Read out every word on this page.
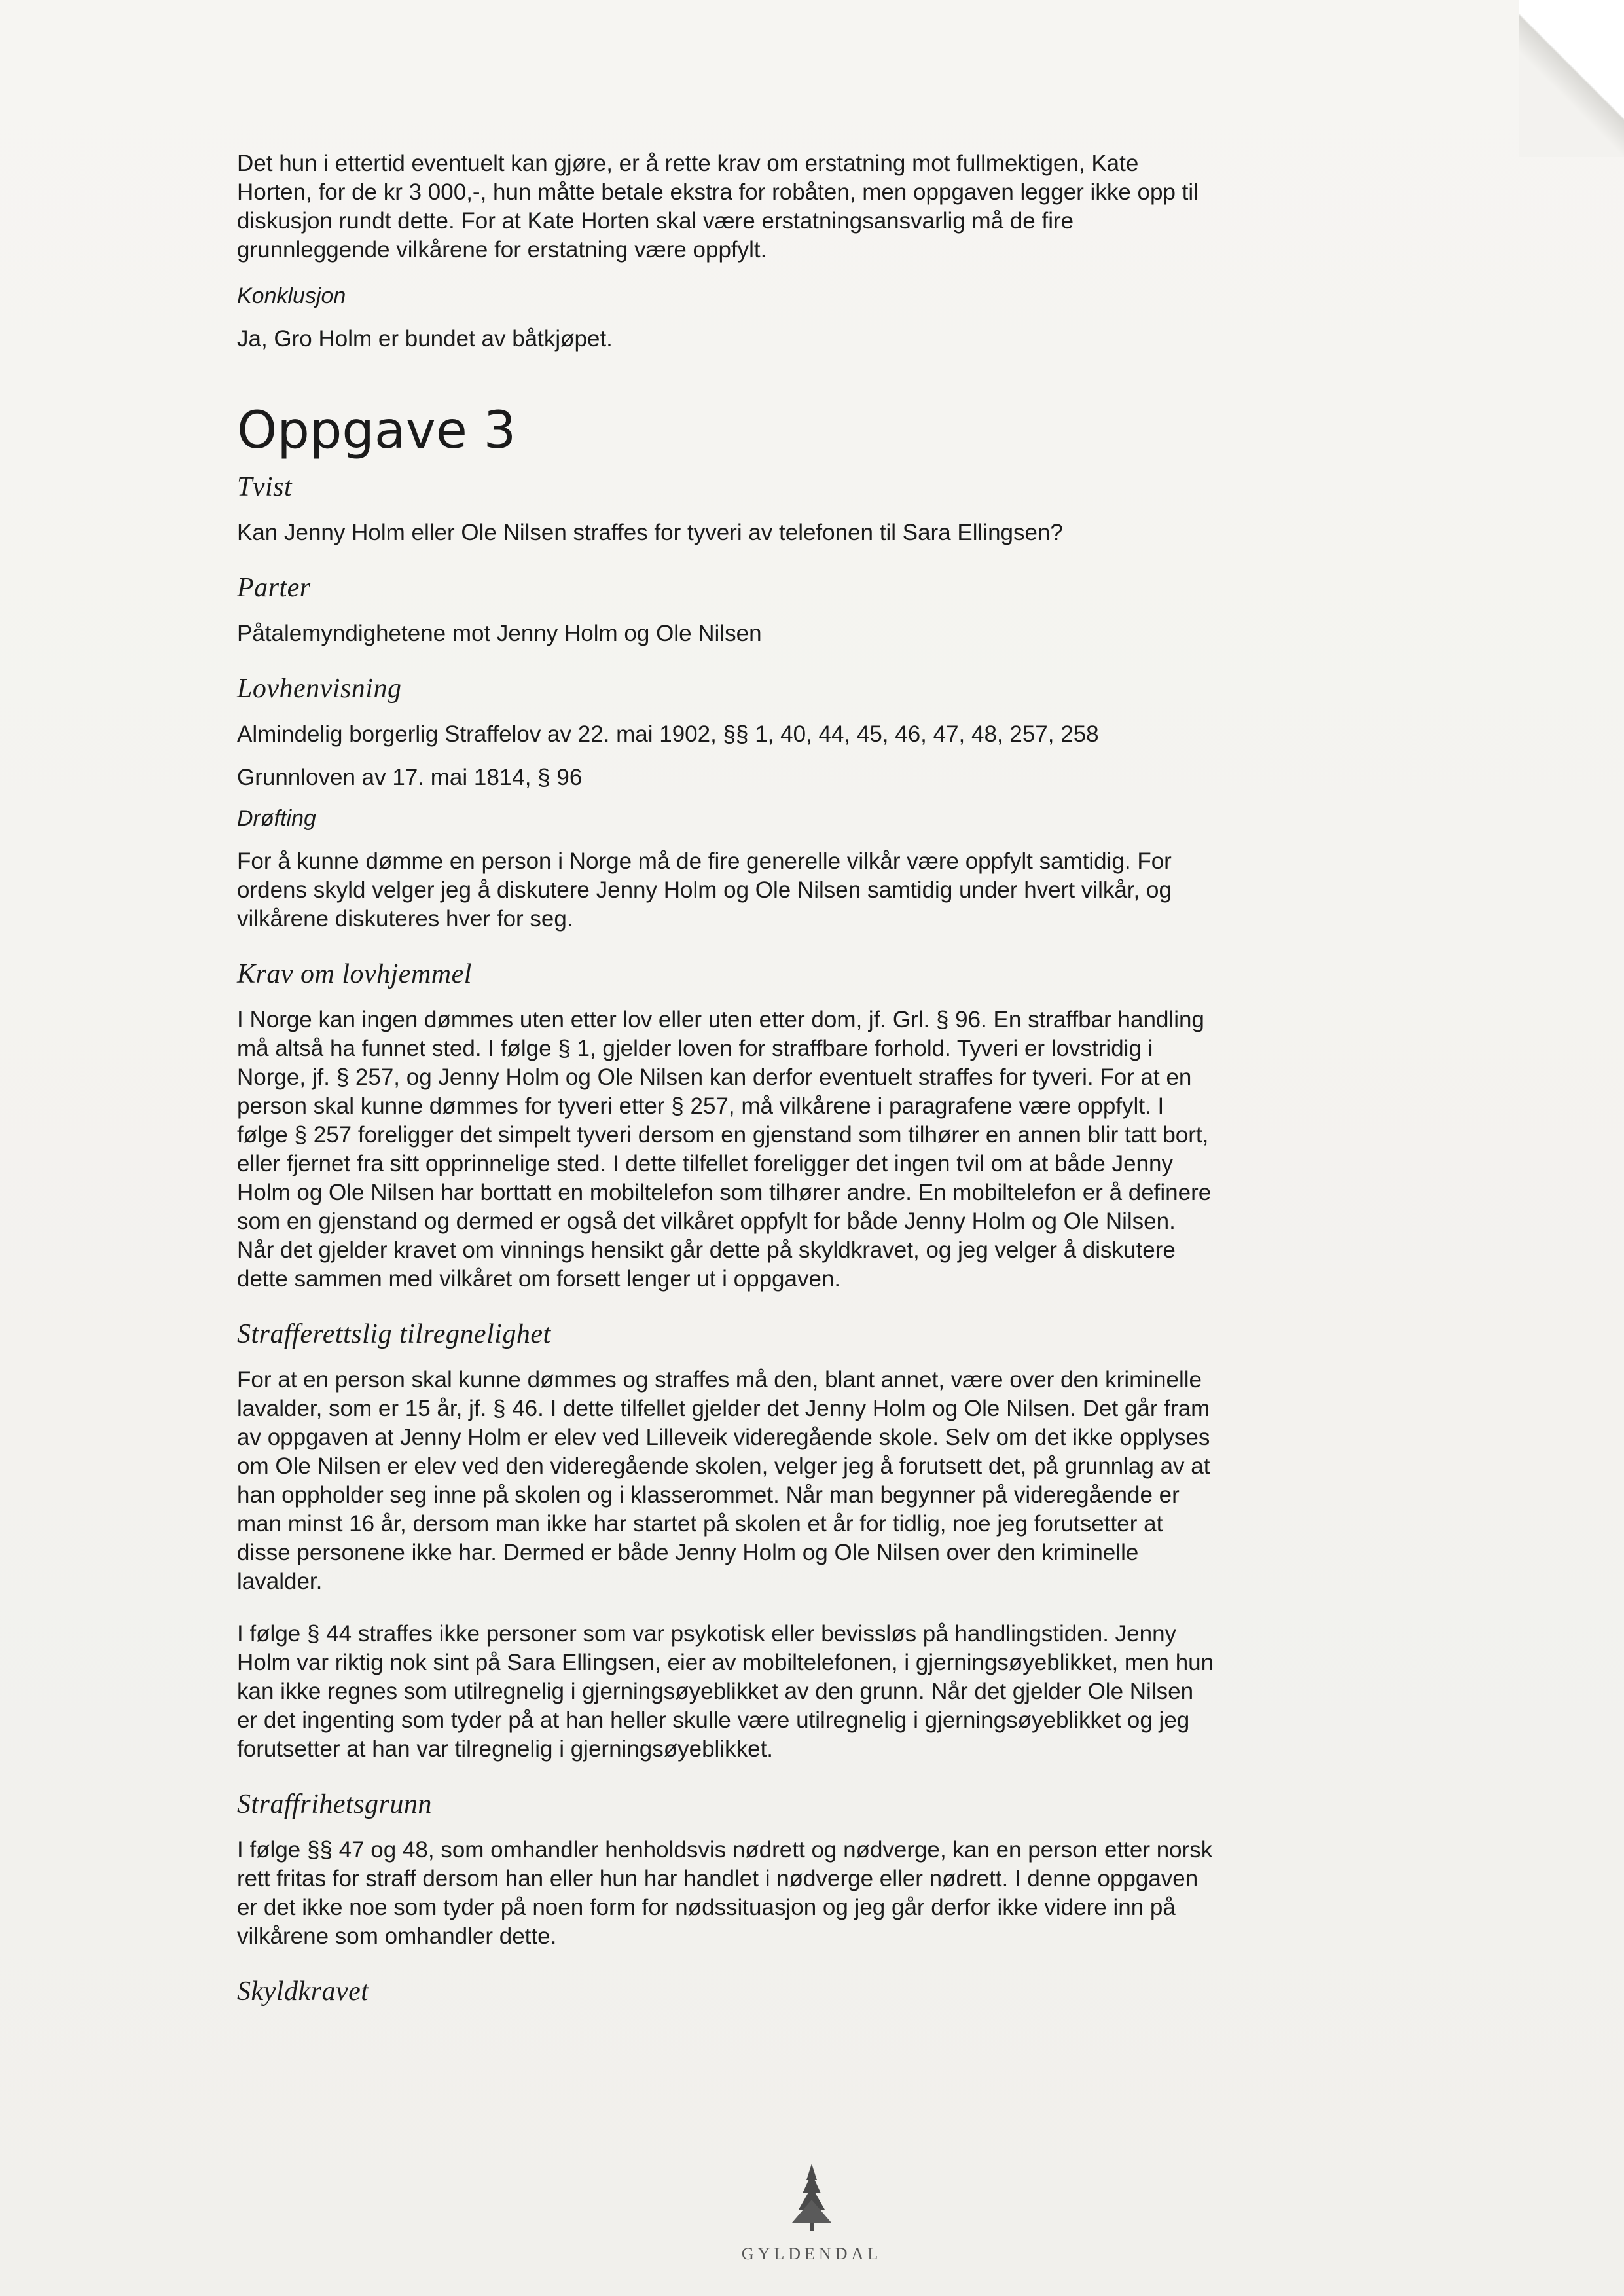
Det hun i ettertid eventuelt kan gjøre, er å rette krav om erstatning mot fullmektigen, Kate
Horten, for de kr 3 000,-, hun måtte betale ekstra for robåten, men oppgaven legger ikke opp til
diskusjon rundt dette. For at Kate Horten skal være erstatningsansvarlig må de fire
grunnleggende vilkårene for erstatning være oppfylt.

Konklusjon

Ja, Gro Holm er bundet av båtkjøpet.

Oppgave 3
Tvist

Kan Jenny Holm eller Ole Nilsen straffes for tyveri av telefonen til Sara Ellingsen?

Parter

Påtalemyndighetene mot Jenny Holm og Ole Nilsen

Lovhenvisning

Almindelig borgerlig Straffelov av 22. mai 1902, §§ 1, 40, 44, 45, 46, 47, 48, 257, 258

Grunnloven av 17. mai 1814, § 96

Drøfting

For å kunne dømme en person i Norge må de fire generelle vilkår være oppfylt samtidig. For
ordens skyld velger jeg å diskutere Jenny Holm og Ole Nilsen samtidig under hvert vilkår, og
vilkårene diskuteres hver for seg.

Krav om lovhjemmel

I Norge kan ingen dømmes uten etter lov eller uten etter dom, jf. Grl. § 96. En straffbar handling
må altså ha funnet sted. I følge § 1, gjelder loven for straffbare forhold. Tyveri er lovstridig i
Norge, jf. § 257, og Jenny Holm og Ole Nilsen kan derfor eventuelt straffes for tyveri. For at en
person skal kunne dømmes for tyveri etter § 257, må vilkårene i paragrafene være oppfylt. I
følge § 257 foreligger det simpelt tyveri dersom en gjenstand som tilhører en annen blir tatt bort,
eller fjernet fra sitt opprinnelige sted. I dette tilfellet foreligger det ingen tvil om at både Jenny
Holm og Ole Nilsen har borttatt en mobiltelefon som tilhører andre. En mobiltelefon er å definere
som en gjenstand og dermed er også det vilkåret oppfylt for både Jenny Holm og Ole Nilsen.
Når det gjelder kravet om vinnings hensikt går dette på skyldkravet, og jeg velger å diskutere
dette sammen med vilkåret om forsett lenger ut i oppgaven.

Strafferettslig tilregnelighet

For at en person skal kunne dømmes og straffes må den, blant annet, være over den kriminelle
lavalder, som er 15 år, jf. § 46. I dette tilfellet gjelder det Jenny Holm og Ole Nilsen. Det går fram
av oppgaven at Jenny Holm er elev ved Lilleveik videregående skole. Selv om det ikke opplyses
om Ole Nilsen er elev ved den videregående skolen, velger jeg å forutsett det, på grunnlag av at
han oppholder seg inne på skolen og i klasserommet. Når man begynner på videregående er
man minst 16 år, dersom man ikke har startet på skolen et år for tidlig, noe jeg forutsetter at
disse personene ikke har. Dermed er både Jenny Holm og Ole Nilsen over den kriminelle
lavalder.

I følge § 44 straffes ikke personer som var psykotisk eller bevissløs på handlingstiden. Jenny
Holm var riktig nok sint på Sara Ellingsen, eier av mobiltelefonen, i gjerningsøyeblikket, men hun
kan ikke regnes som utilregnelig i gjerningsøyeblikket av den grunn. Når det gjelder Ole Nilsen
er det ingenting som tyder på at han heller skulle være utilregnelig i gjerningsøyeblikket og jeg
forutsetter at han var tilregnelig i gjerningsøyeblikket.

Straffrihetsgrunn

I følge §§ 47 og 48, som omhandler henholdsvis nødrett og nødverge, kan en person etter norsk
rett fritas for straff dersom han eller hun har handlet i nødverge eller nødrett. I denne oppgaven
er det ikke noe som tyder på noen form for nødssituasjon og jeg går derfor ikke videre inn på
vilkårene som omhandler dette.

Skyldkravet
GYLDENDAL
